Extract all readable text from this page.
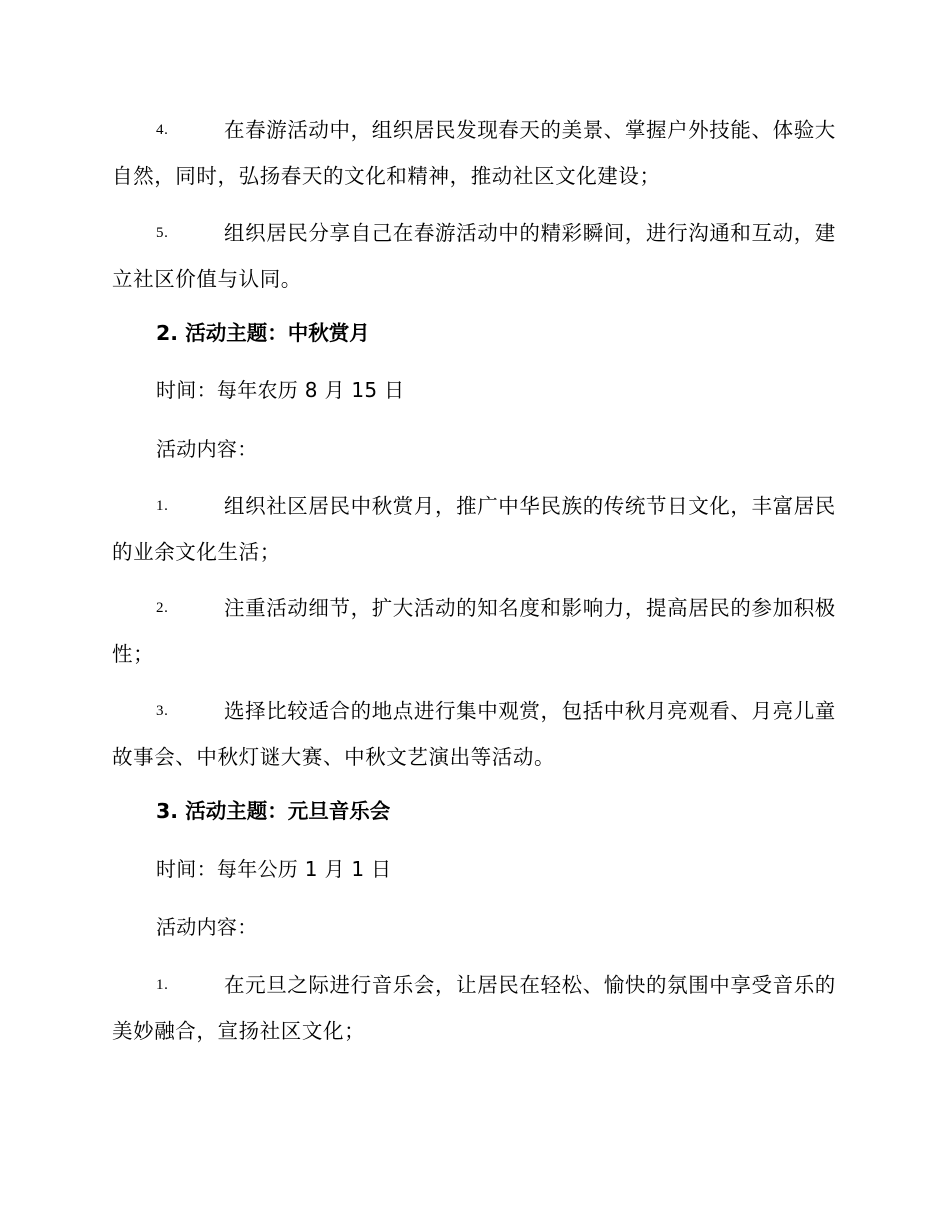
4.	在春游活动中，组织居民发现春天的美景、掌握户外技能、体验大自然，同时，弘扬春天的文化和精神，推动社区文化建设；
5.	组织居民分享自己在春游活动中的精彩瞬间，进行沟通和互动，建立社区价值与认同。
2. 活动主题：中秋赏月
时间：每年农历 8 月 15 日
活动内容：
1.	组织社区居民中秋赏月，推广中华民族的传统节日文化，丰富居民的业余文化生活；
2.	注重活动细节，扩大活动的知名度和影响力，提高居民的参加积极性；
3.	选择比较适合的地点进行集中观赏，包括中秋月亮观看、月亮儿童故事会、中秋灯谜大赛、中秋文艺演出等活动。
3. 活动主题：元旦音乐会
时间：每年公历 1 月 1 日
活动内容：
1.	在元旦之际进行音乐会，让居民在轻松、愉快的氛围中享受音乐的美妙融合，宣扬社区文化；
